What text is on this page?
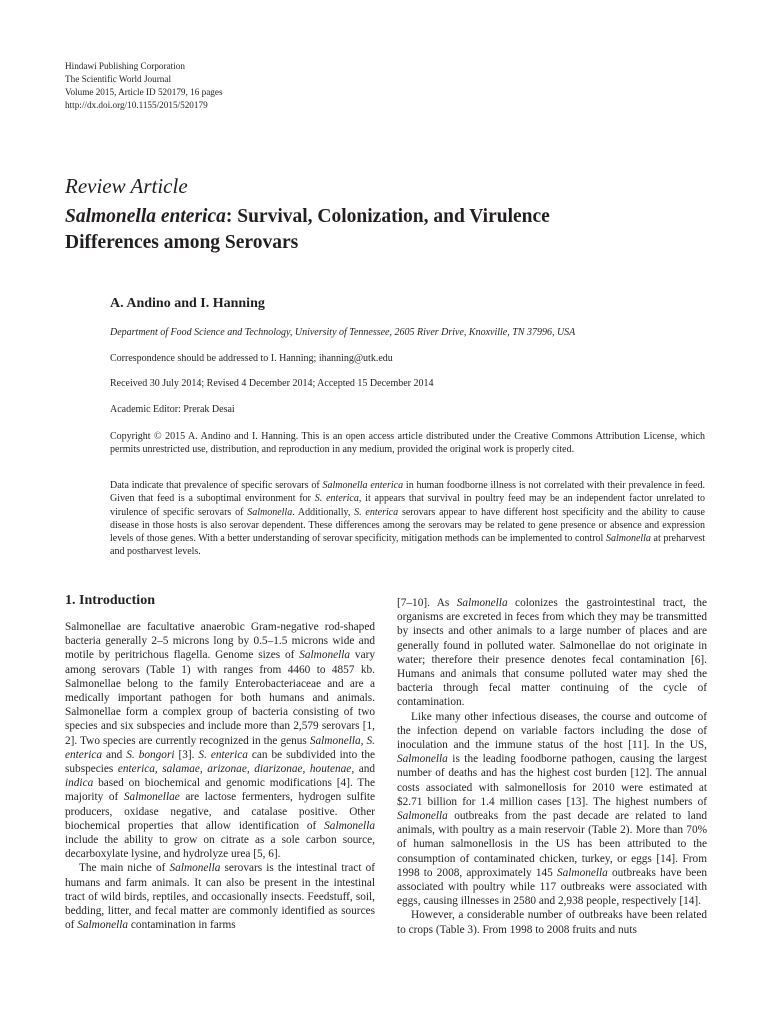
Hindawi Publishing Corporation
The Scientific World Journal
Volume 2015, Article ID 520179, 16 pages
http://dx.doi.org/10.1155/2015/520179
Review Article
Salmonella enterica: Survival, Colonization, and Virulence
Differences among Serovars
A. Andino and I. Hanning
Department of Food Science and Technology, University of Tennessee, 2605 River Drive, Knoxville, TN 37996, USA
Correspondence should be addressed to I. Hanning; ihanning@utk.edu
Received 30 July 2014; Revised 4 December 2014; Accepted 15 December 2014
Academic Editor: Prerak Desai
Copyright © 2015 A. Andino and I. Hanning. This is an open access article distributed under the Creative Commons Attribution License, which permits unrestricted use, distribution, and reproduction in any medium, provided the original work is properly cited.
Data indicate that prevalence of specific serovars of Salmonella enterica in human foodborne illness is not correlated with their prevalence in feed. Given that feed is a suboptimal environment for S. enterica, it appears that survival in poultry feed may be an independent factor unrelated to virulence of specific serovars of Salmonella. Additionally, S. enterica serovars appear to have different host specificity and the ability to cause disease in those hosts is also serovar dependent. These differences among the serovars may be related to gene presence or absence and expression levels of those genes. With a better understanding of serovar specificity, mitigation methods can be implemented to control Salmonella at preharvest and postharvest levels.
1. Introduction

Salmonellae are facultative anaerobic Gram-negative rod-shaped bacteria generally 2–5 microns long by 0.5–1.5 microns wide and motile by peritrichous flagella. Genome sizes of Salmonella vary among serovars (Table 1) with ranges from 4460 to 4857 kb. Salmonellae belong to the family Enterobacteriaceae and are a medically important pathogen for both humans and animals. Salmonellae form a complex group of bacteria consisting of two species and six subspecies and include more than 2,579 serovars [1, 2]. Two species are currently recognized in the genus Salmonella, S. enterica and S. bongori [3]. S. enterica can be subdivided into the subspecies enterica, salamae, arizonae, diarizonae, houtenae, and indica based on biochemical and genomic modifications [4]. The majority of Salmonellae are lactose fermenters, hydrogen sulfite producers, oxidase negative, and catalase positive. Other biochemical properties that allow identification of Salmonella include the ability to grow on citrate as a sole carbon source, decarboxylate lysine, and hydrolyze urea [5, 6].

The main niche of Salmonella serovars is the intestinal tract of humans and farm animals. It can also be present in the intestinal tract of wild birds, reptiles, and occasionally insects. Feedstuff, soil, bedding, litter, and fecal matter are commonly identified as sources of Salmonella contamination in farms

[7–10]. As Salmonella colonizes the gastrointestinal tract, the organisms are excreted in feces from which they may be transmitted by insects and other animals to a large number of places and are generally found in polluted water. Salmonellae do not originate in water; therefore their presence denotes fecal contamination [6]. Humans and animals that consume polluted water may shed the bacteria through fecal matter continuing of the cycle of contamination.

Like many other infectious diseases, the course and outcome of the infection depend on variable factors including the dose of inoculation and the immune status of the host [11]. In the US, Salmonella is the leading foodborne pathogen, causing the largest number of deaths and has the highest cost burden [12]. The annual costs associated with salmonellosis for 2010 were estimated at $2.71 billion for 1.4 million cases [13]. The highest numbers of Salmonella outbreaks from the past decade are related to land animals, with poultry as a main reservoir (Table 2). More than 70% of human salmonellosis in the US has been attributed to the consumption of contaminated chicken, turkey, or eggs [14]. From 1998 to 2008, approximately 145 Salmonella outbreaks have been associated with poultry while 117 outbreaks were associated with eggs, causing illnesses in 2580 and 2,938 people, respectively [14].

However, a considerable number of outbreaks have been related to crops (Table 3). From 1998 to 2008 fruits and nuts
